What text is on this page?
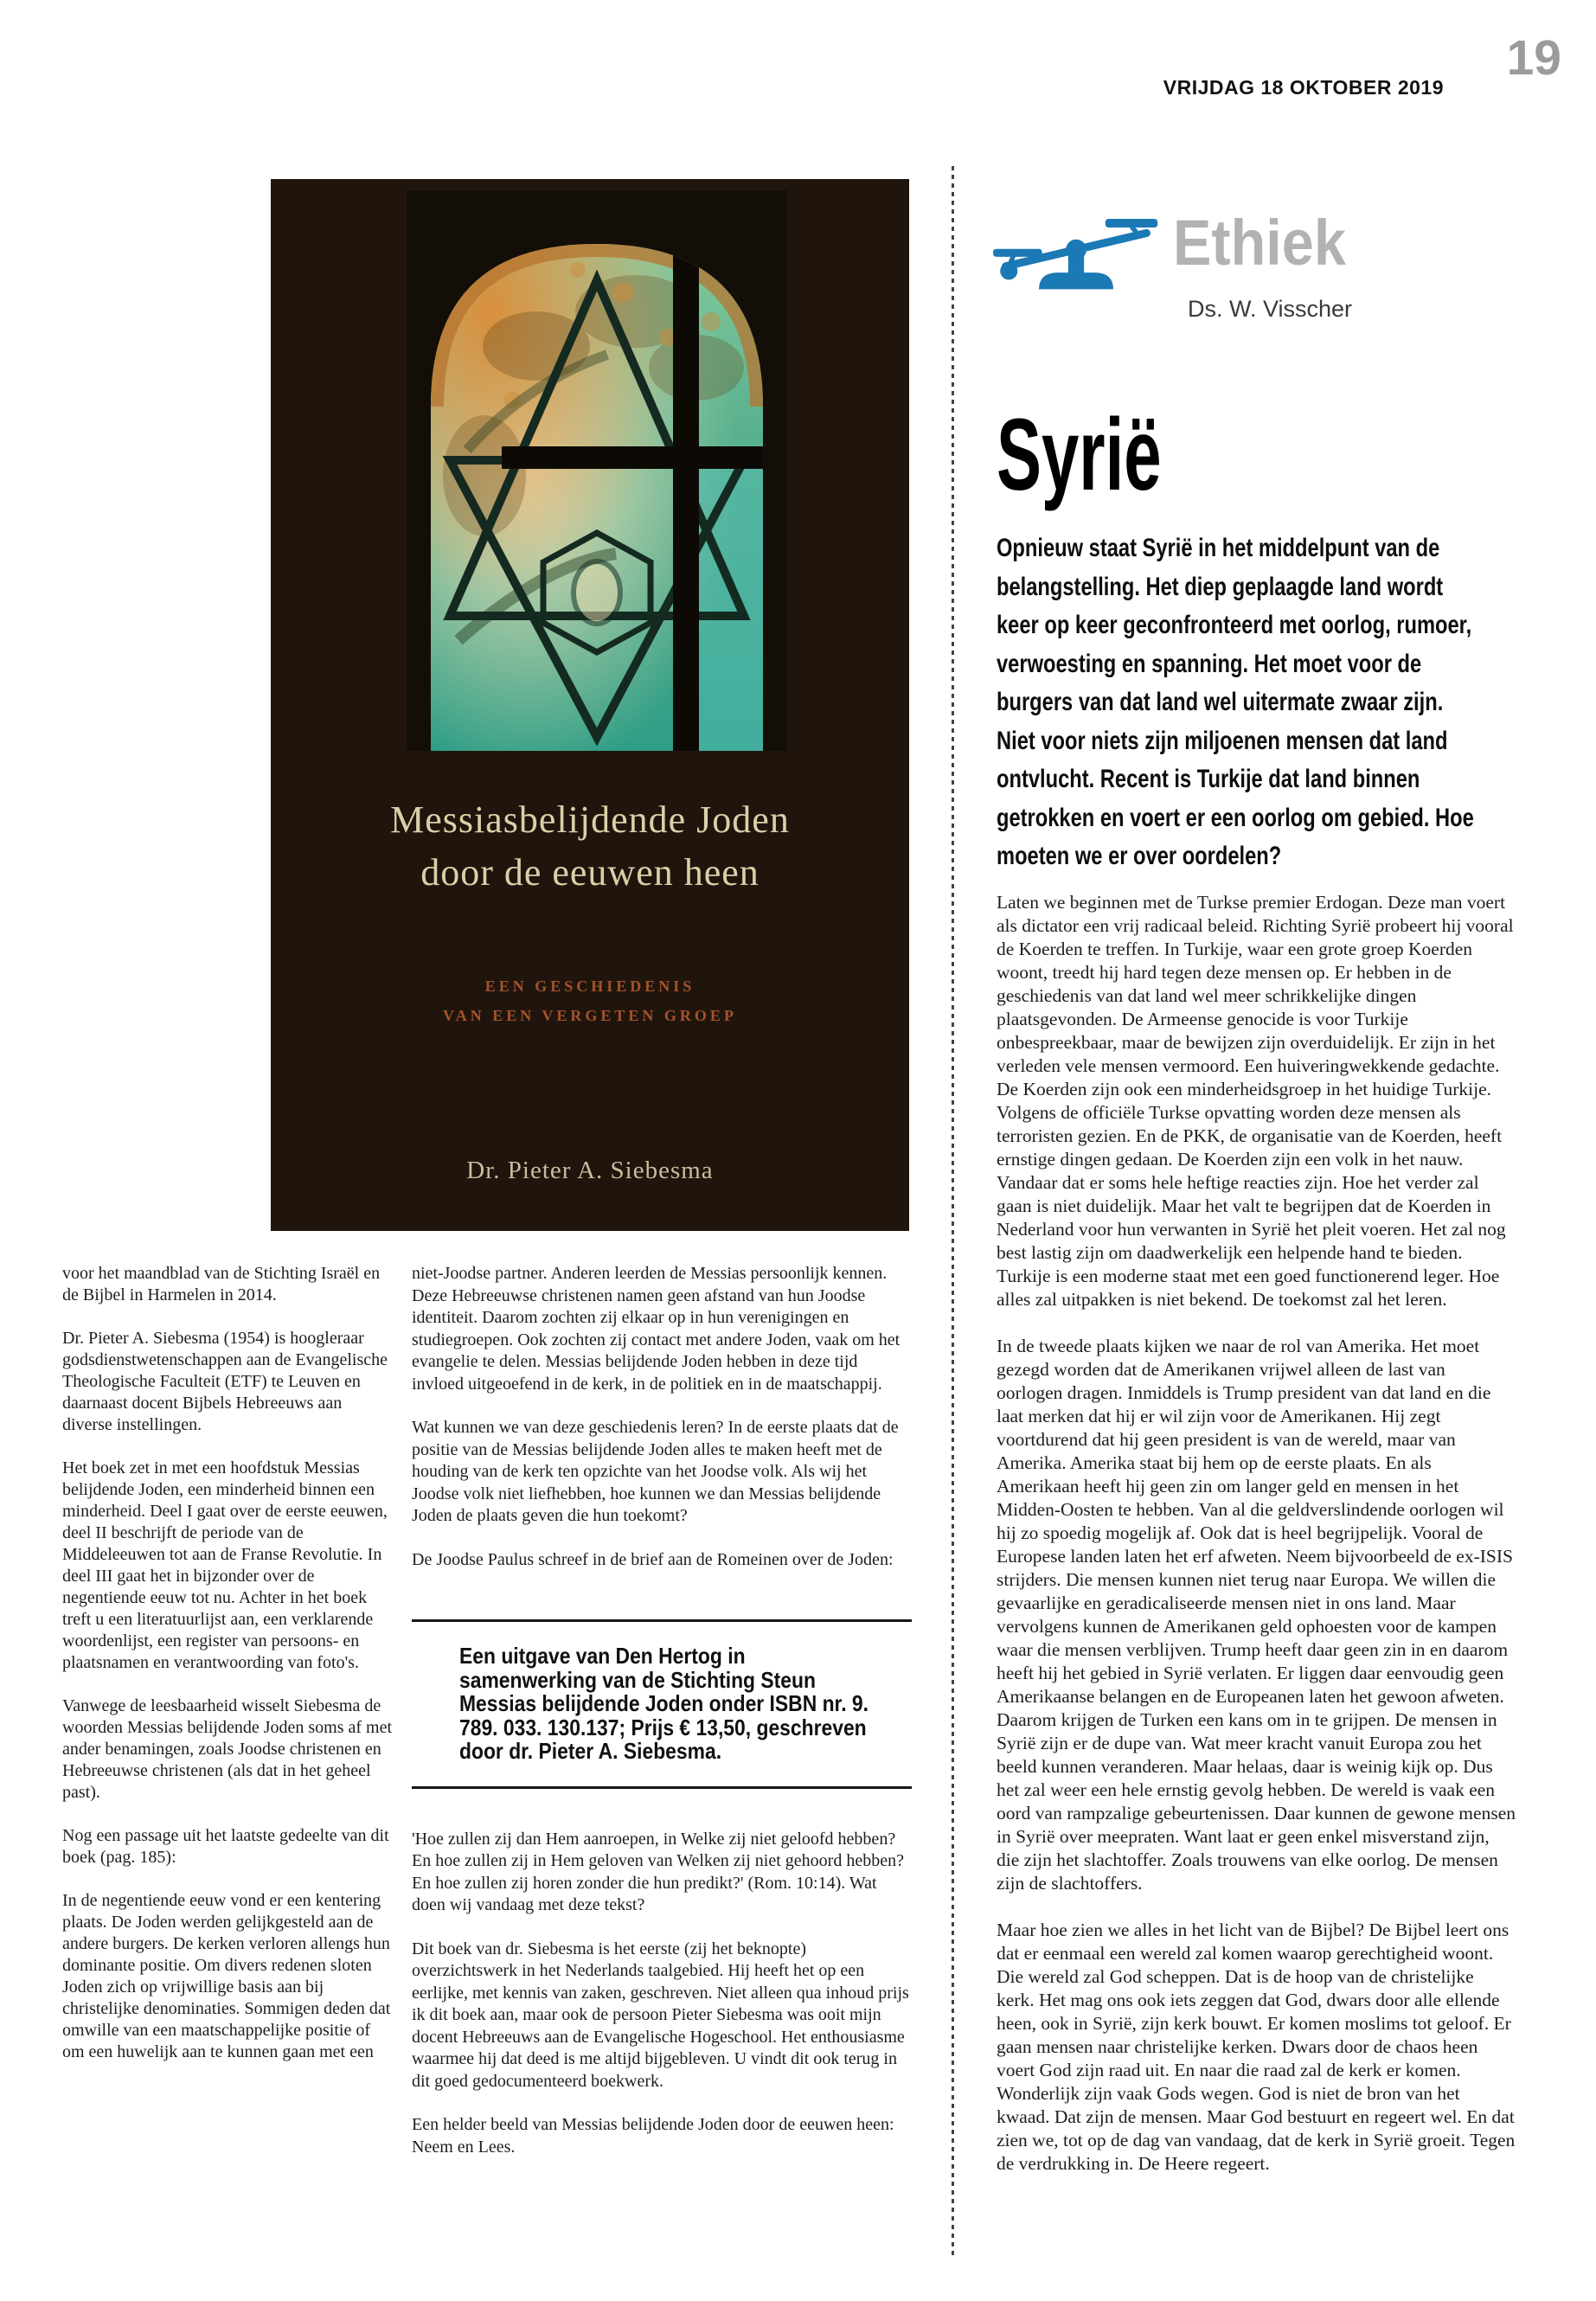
VRIJDAG 18 OKTOBER 2019
19
Messiasbelijdende Joden
door de eeuwen heen
EEN GESCHIEDENIS
VAN EEN VERGETEN GROEP
Dr. Pieter A. Siebesma
Ethiek
Ds. W. Visscher
Syrië
Opnieuw staat Syrië in het middelpunt van de belangstelling. Het diep geplaagde land wordt keer op keer geconfronteerd met oorlog, rumoer, verwoesting en spanning. Het moet voor de burgers van dat land wel uitermate zwaar zijn. Niet voor niets zijn miljoenen mensen dat land ontvlucht. Recent is Turkije dat land binnen getrokken en voert er een oorlog om gebied. Hoe moeten we er over oordelen?

Laten we beginnen met de Turkse premier Erdogan. Deze man voert als dictator een vrij radicaal beleid. Richting Syrië probeert hij vooral de Koerden te treffen. In Turkije, waar een grote groep Koerden woont, treedt hij hard tegen deze mensen op. Er hebben in de geschiedenis van dat land wel meer schrikkelijke dingen plaatsgevonden. De Armeense genocide is voor Turkije onbespreekbaar, maar de bewijzen zijn overduidelijk. Er zijn in het verleden vele mensen vermoord. Een huiveringwekkende gedachte. De Koerden zijn ook een minderheidsgroep in het huidige Turkije. Volgens de officiële Turkse opvatting worden deze mensen als terroristen gezien. En de PKK, de organisatie van de Koerden, heeft ernstige dingen gedaan. De Koerden zijn een volk in het nauw. Vandaar dat er soms hele heftige reacties zijn. Hoe het verder zal gaan is niet duidelijk. Maar het valt te begrijpen dat de Koerden in Nederland voor hun verwanten in Syrië het pleit voeren. Het zal nog best lastig zijn om daadwerkelijk een helpende hand te bieden. Turkije is een moderne staat met een goed functionerend leger. Hoe alles zal uitpakken is niet bekend. De toekomst zal het leren.

In de tweede plaats kijken we naar de rol van Amerika. Het moet gezegd worden dat de Amerikanen vrijwel alleen de last van oorlogen dragen. Inmiddels is Trump president van dat land en die laat merken dat hij er wil zijn voor de Amerikanen. Hij zegt voortdurend dat hij geen president is van de wereld, maar van Amerika. Amerika staat bij hem op de eerste plaats. En als Amerikaan heeft hij geen zin om langer geld en mensen in het Midden-Oosten te hebben. Van al die geldverslindende oorlogen wil hij zo spoedig mogelijk af. Ook dat is heel begrijpelijk. Vooral de Europese landen laten het erf afweten. Neem bijvoorbeeld de ex-ISIS strijders. Die mensen kunnen niet terug naar Europa. We willen die gevaarlijke en geradicaliseerde mensen niet in ons land. Maar vervolgens kunnen de Amerikanen geld ophoesten voor de kampen waar die mensen verblijven. Trump heeft daar geen zin in en daarom heeft hij het gebied in Syrië verlaten. Er liggen daar eenvoudig geen Amerikaanse belangen en de Europeanen laten het gewoon afweten. Daarom krijgen de Turken een kans om in te grijpen. De mensen in Syrië zijn er de dupe van. Wat meer kracht vanuit Europa zou het beeld kunnen veranderen. Maar helaas, daar is weinig kijk op. Dus het zal weer een hele ernstig gevolg hebben. De wereld is vaak een oord van rampzalige gebeurtenissen. Daar kunnen de gewone mensen in Syrië over meepraten. Want laat er geen enkel misverstand zijn, die zijn het slachtoffer. Zoals trouwens van elke oorlog. De mensen zijn de slachtoffers.

Maar hoe zien we alles in het licht van de Bijbel? De Bijbel leert ons dat er eenmaal een wereld zal komen waarop gerechtigheid woont. Die wereld zal God scheppen. Dat is de hoop van de christelijke kerk. Het mag ons ook iets zeggen dat God, dwars door alle ellende heen, ook in Syrië, zijn kerk bouwt. Er komen moslims tot geloof. Er gaan mensen naar christelijke kerken. Dwars door de chaos heen voert God zijn raad uit. En naar die raad zal de kerk er komen. Wonderlijk zijn vaak Gods wegen. God is niet de bron van het kwaad. Dat zijn de mensen. Maar God bestuurt en regeert wel. En dat zien we, tot op de dag van vandaag, dat de kerk in Syrië groeit. Tegen de verdrukking in. De Heere regeert.

voor het maandblad van de Stichting Israël en de Bijbel in Harmelen in 2014.

Dr. Pieter A. Siebesma (1954) is hoogleraar godsdienstwetenschappen aan de Evangelische Theologische Faculteit (ETF) te Leuven en daarnaast docent Bijbels Hebreeuws aan diverse instellingen.

Het boek zet in met een hoofdstuk Messias belijdende Joden, een minderheid binnen een minderheid. Deel I gaat over de eerste eeuwen, deel II beschrijft de periode van de Middeleeuwen tot aan de Franse Revolutie. In deel III gaat het in bijzonder over de negentiende eeuw tot nu. Achter in het boek treft u een literatuurlijst aan, een verklarende woordenlijst, een register van persoons- en plaatsnamen en verantwoording van foto's.

Vanwege de leesbaarheid wisselt Siebesma de woorden Messias belijdende Joden soms af met ander benamingen, zoals Joodse christenen en Hebreeuwse christenen (als dat in het geheel past).

Nog een passage uit het laatste gedeelte van dit boek (pag. 185):

In de negentiende eeuw vond er een kentering plaats. De Joden werden gelijkgesteld aan de andere burgers. De kerken verloren allengs hun dominante positie. Om divers redenen sloten Joden zich op vrijwillige basis aan bij christelijke denominaties. Sommigen deden dat omwille van een maatschappelijke positie of om een huwelijk aan te kunnen gaan met een

niet-Joodse partner. Anderen leerden de Messias persoonlijk kennen. Deze Hebreeuwse christenen namen geen afstand van hun Joodse identiteit. Daarom zochten zij elkaar op in hun verenigingen en studiegroepen. Ook zochten zij contact met andere Joden, vaak om het evangelie te delen. Messias belijdende Joden hebben in deze tijd invloed uitgeoefend in de kerk, in de politiek en in de maatschappij.

Wat kunnen we van deze geschiedenis leren? In de eerste plaats dat de positie van de Messias belijdende Joden alles te maken heeft met de houding van de kerk ten opzichte van het Joodse volk. Als wij het Joodse volk niet liefhebben, hoe kunnen we dan Messias belijdende Joden de plaats geven die hun toekomt?

De Joodse Paulus schreef in de brief aan de Romeinen over de Joden:

Een uitgave van Den Hertog in samenwerking van de Stichting Steun Messias belijdende Joden onder ISBN nr. 9. 789. 033. 130.137; Prijs € 13,50, geschreven door dr. Pieter A. Siebesma.

'Hoe zullen zij dan Hem aanroepen, in Welke zij niet geloofd hebben? En hoe zullen zij in Hem geloven van Welken zij niet gehoord hebben? En hoe zullen zij horen zonder die hun predikt?' (Rom. 10:14). Wat doen wij vandaag met deze tekst?

Dit boek van dr. Siebesma is het eerste (zij het beknopte) overzichtswerk in het Nederlands taalgebied. Hij heeft het op een eerlijke, met kennis van zaken, geschreven. Niet alleen qua inhoud prijs ik dit boek aan, maar ook de persoon Pieter Siebesma was ooit mijn docent Hebreeuws aan de Evangelische Hogeschool. Het enthousiasme waarmee hij dat deed is me altijd bijgebleven. U vindt dit ook terug in dit goed gedocumenteerd boekwerk.

Een helder beeld van Messias belijdende Joden door de eeuwen heen: Neem en Lees.
